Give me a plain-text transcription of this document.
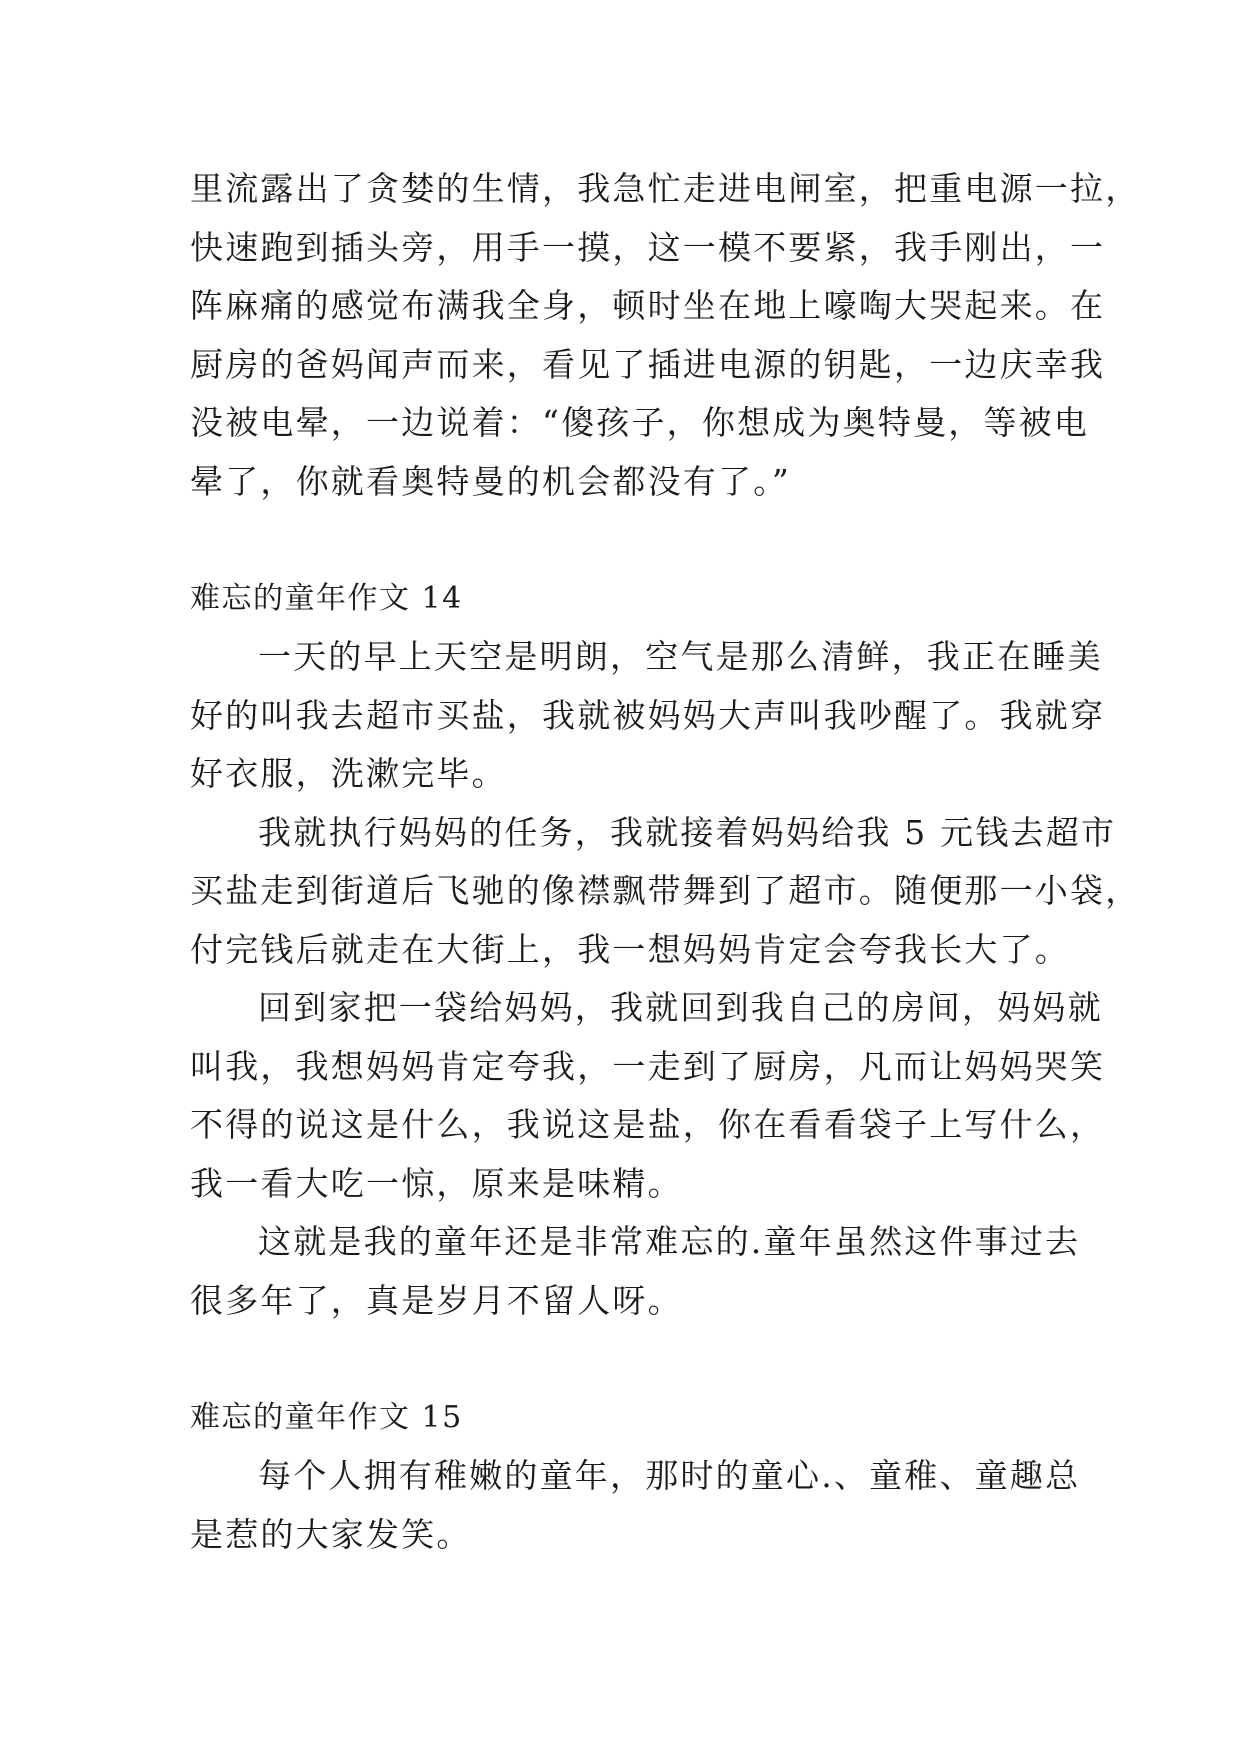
里流露出了贪婪的生情，我急忙走进电闸室，把重电源一拉，
快速跑到插头旁，用手一摸，这一模不要紧，我手刚出，一
阵麻痛的感觉布满我全身，顿时坐在地上嚎啕大哭起来。在
厨房的爸妈闻声而来，看见了插进电源的钥匙，一边庆幸我
没被电晕，一边说着：“傻孩子，你想成为奥特曼，等被电
晕了，你就看奥特曼的机会都没有了。”
难忘的童年作文 14
一天的早上天空是明朗，空气是那么清鲜，我正在睡美
好的叫我去超市买盐，我就被妈妈大声叫我吵醒了。我就穿
好衣服，洗漱完毕。
我就执行妈妈的任务，我就接着妈妈给我 5 元钱去超市
买盐走到街道后飞驰的像襟飘带舞到了超市。随便那一小袋，
付完钱后就走在大街上，我一想妈妈肯定会夸我长大了。
回到家把一袋给妈妈，我就回到我自己的房间，妈妈就
叫我，我想妈妈肯定夸我，一走到了厨房，凡而让妈妈哭笑
不得的说这是什么，我说这是盐，你在看看袋子上写什么，
我一看大吃一惊，原来是味精。
这就是我的童年还是非常难忘的.童年虽然这件事过去
很多年了，真是岁月不留人呀。
难忘的童年作文 15
每个人拥有稚嫩的童年，那时的童心.、童稚、童趣总
是惹的大家发笑。
